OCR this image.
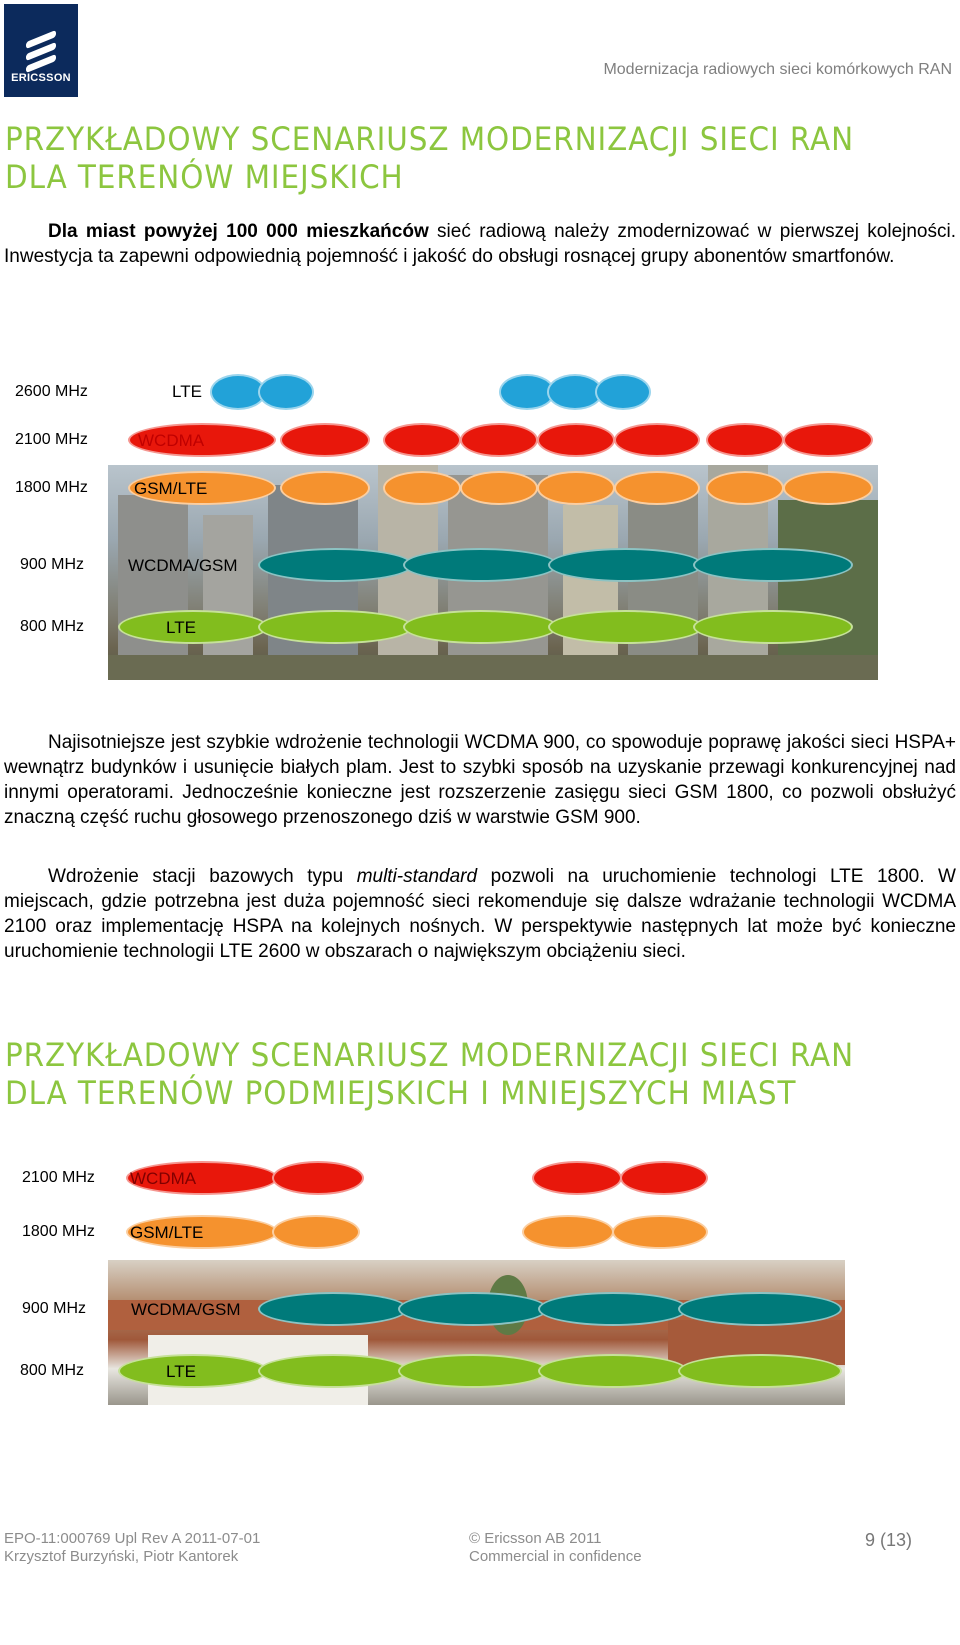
ERICSSON	Modernizacja radiowych sieci komórkowych RAN
PRZYKŁADOWY SCENARIUSZ MODERNIZACJI SIECI RAN
DLA TERENÓW MIEJSKICH
Dla miast powyżej 100 000 mieszkańców sieć radiową należy zmodernizować w pierwszej kolejności. Inwestycja ta zapewni odpowiednią pojemność i jakość do obsługi rosnącej grupy abonentów smartfonów.
2600 MHz
2100 MHz
1800 MHz
900 MHz
800 MHz
LTE
WCDMA
GSM/LTE
WCDMA/GSM
LTE
Najisotniejsze jest szybkie wdrożenie technologii WCDMA 900, co spowoduje poprawę jakości sieci HSPA+ wewnątrz budynków i usunięcie białych plam. Jest to szybki sposób na uzyskanie przewagi konkurencyjnej nad innymi operatorami. Jednocześnie konieczne jest rozszerzenie zasięgu sieci GSM 1800, co pozwoli obsłużyć znaczną część ruchu głosowego przenoszonego dziś w warstwie GSM 900.
Wdrożenie stacji bazowych typu multi-standard pozwoli na uruchomienie technologi LTE 1800. W miejscach, gdzie potrzebna jest duża pojemność sieci rekomenduje się dalsze wdrażanie technologii WCDMA 2100 oraz implementację HSPA na kolejnych nośnych. W perspektywie następnych lat może być konieczne uruchomienie technologii LTE 2600 w obszarach o największym obciążeniu sieci.
PRZYKŁADOWY SCENARIUSZ MODERNIZACJI SIECI RAN
DLA TERENÓW PODMIEJSKICH I MNIEJSZYCH MIAST
2100 MHz
1800 MHz
900 MHz
800 MHz
WCDMA
GSM/LTE
WCDMA/GSM
LTE
EPO-11:000769 Upl Rev A 2011-07-01
Krzysztof Burzyński, Piotr Kantorek
© Ericsson AB 2011
Commercial in confidence
9 (13)
